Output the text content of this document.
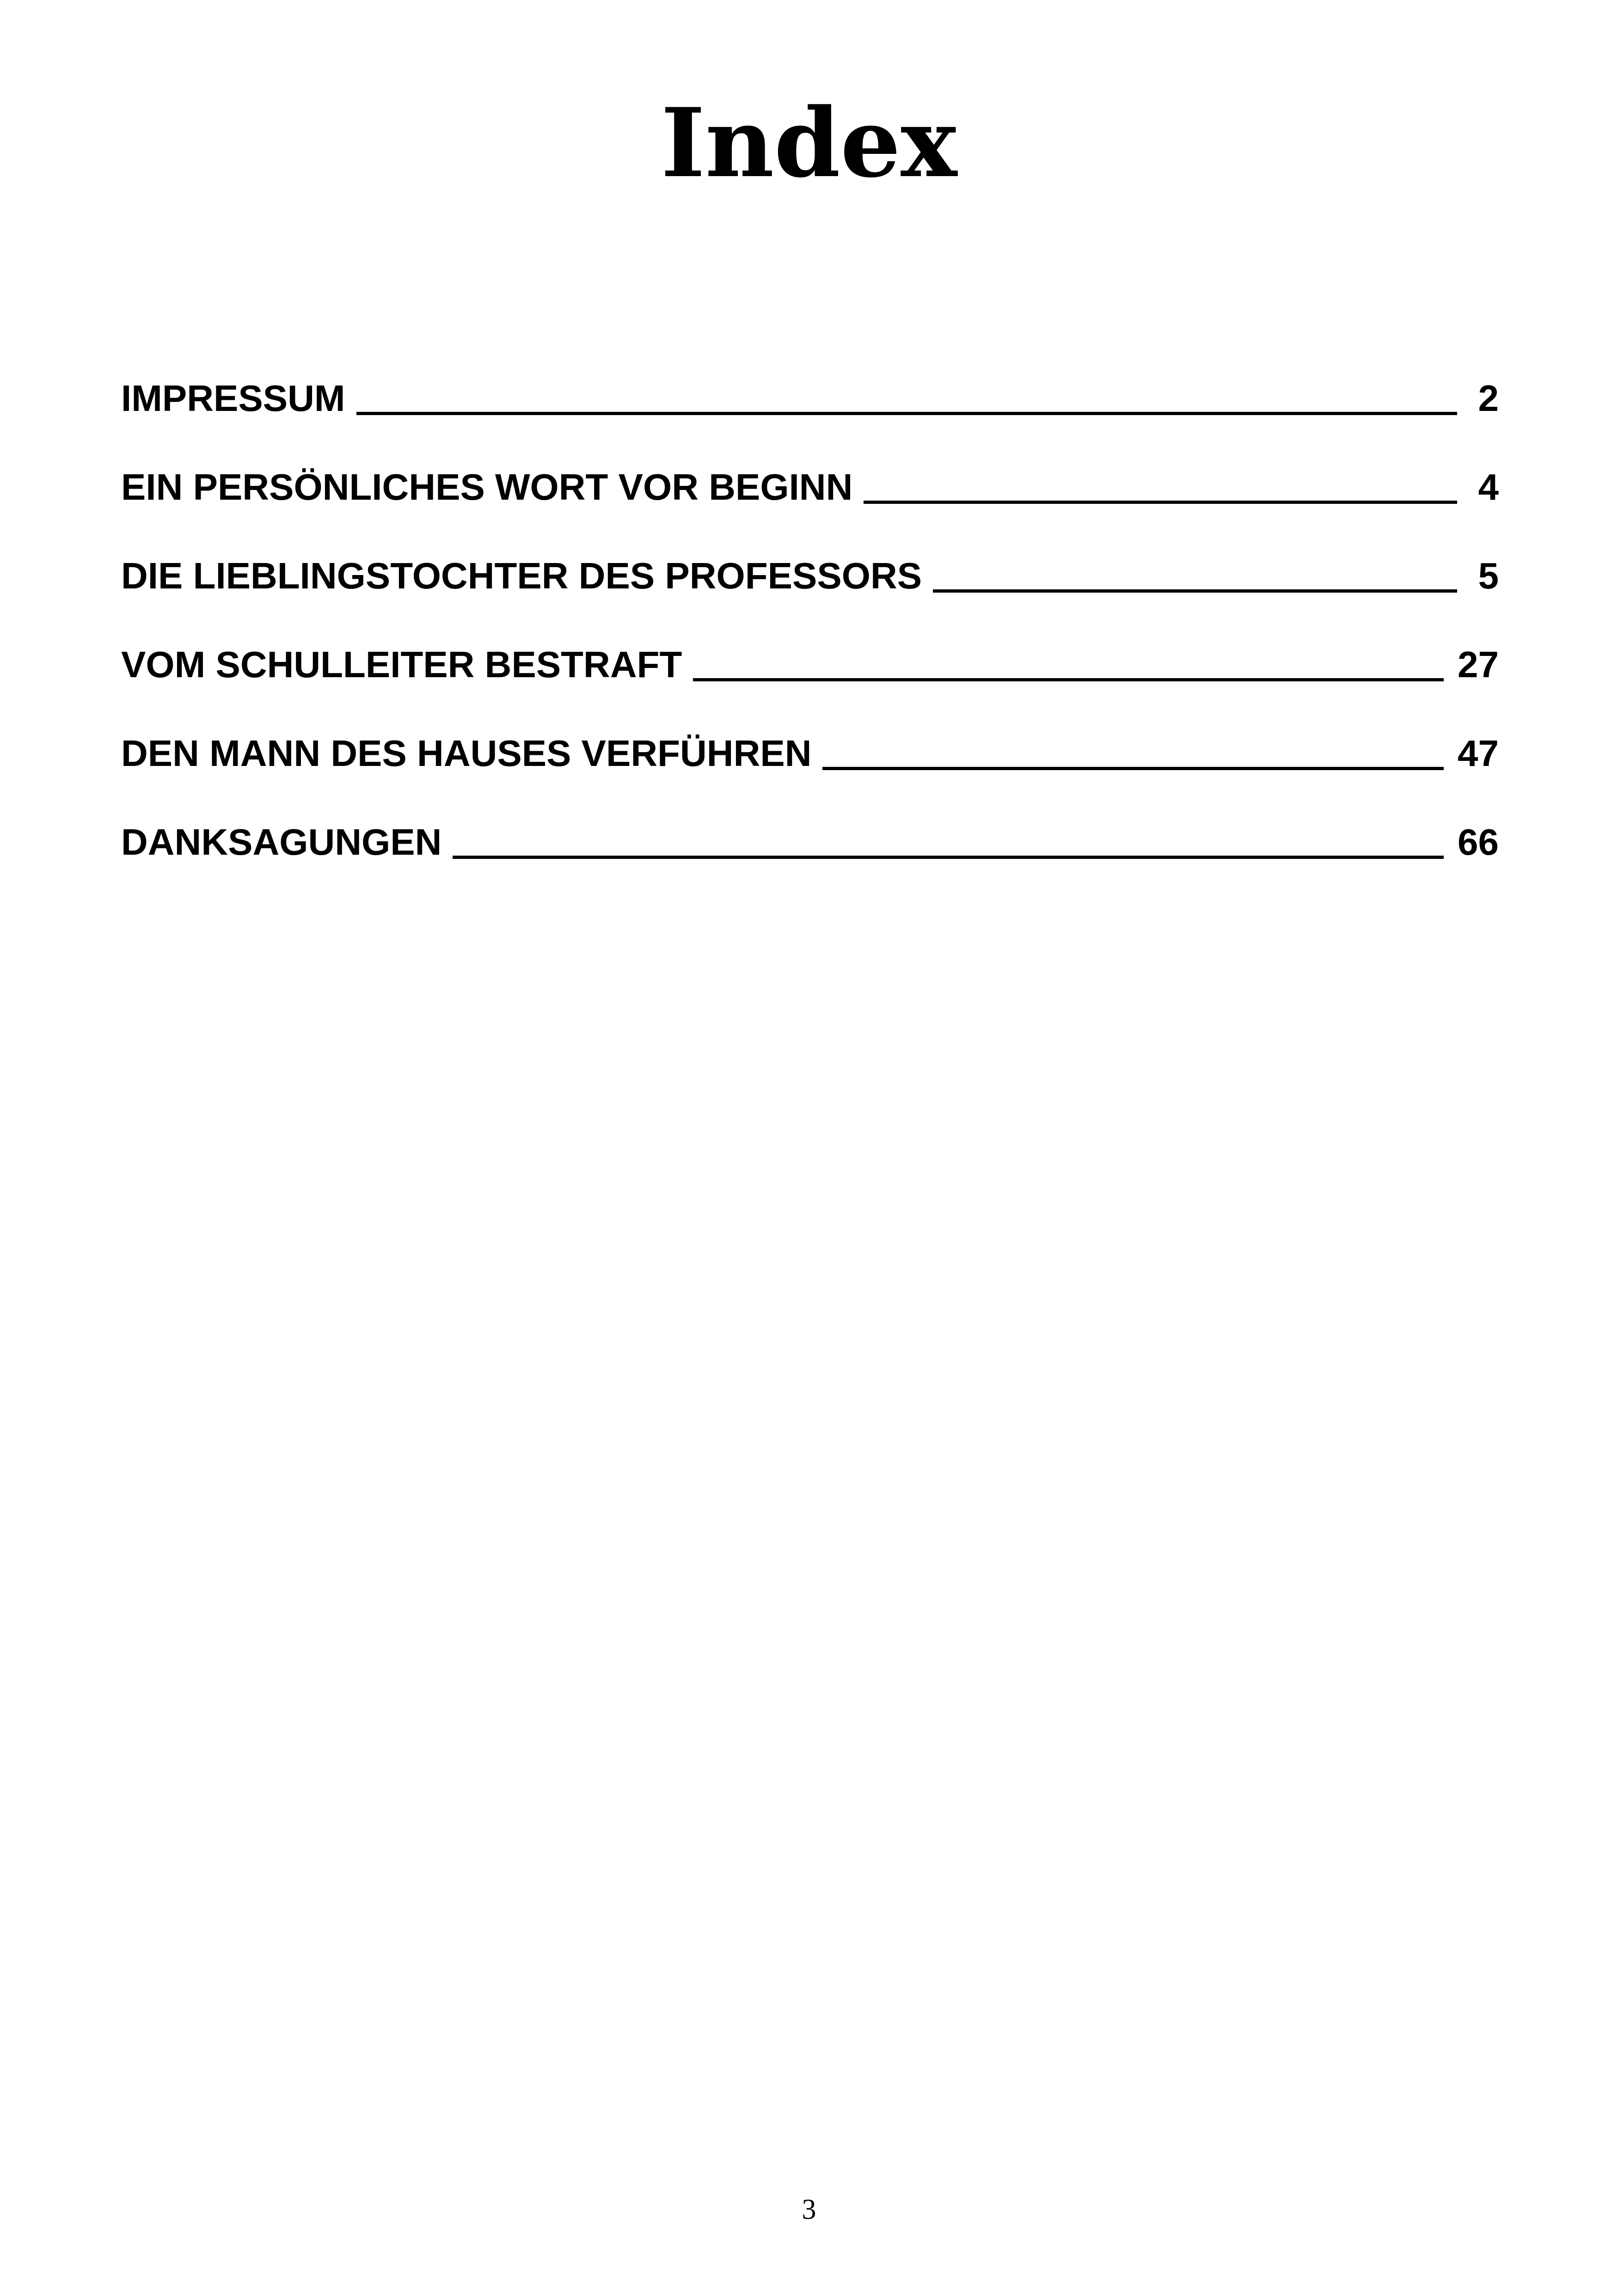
Index
IMPRESSUM	2
EIN PERSÖNLICHES WORT VOR BEGINN	4
DIE LIEBLINGSTOCHTER DES PROFESSORS	5
VOM SCHULLEITER BESTRAFT	27
DEN MANN DES HAUSES VERFÜHREN	47
DANKSAGUNGEN	66
3
